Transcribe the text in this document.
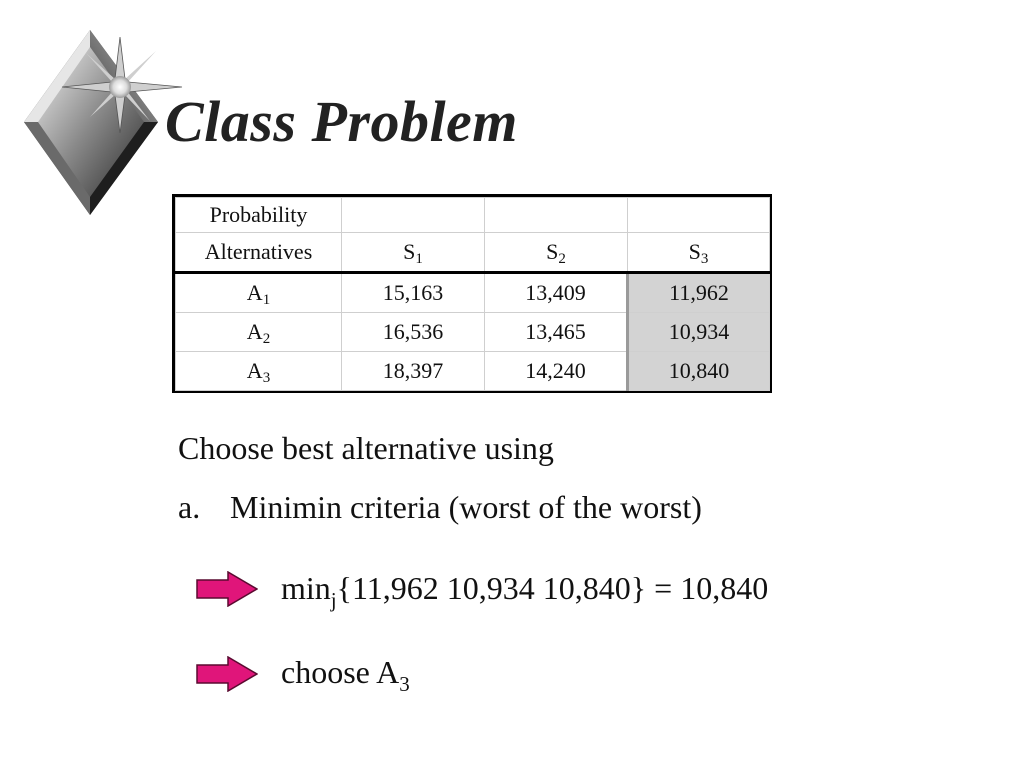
Class Problem
Probability			
Alternatives	$S_1$	$S_2$	$S_3$
$A_1$	15,163	13,409	11,962
$A_2$	16,536	13,465	10,934
$A_3$	18,397	14,240	10,840
Choose best alternative using
a. Minimin criteria (worst of the worst)
$\min_j\{11,962$ 10,934 10,840} = 10,840
choose $A_3$
